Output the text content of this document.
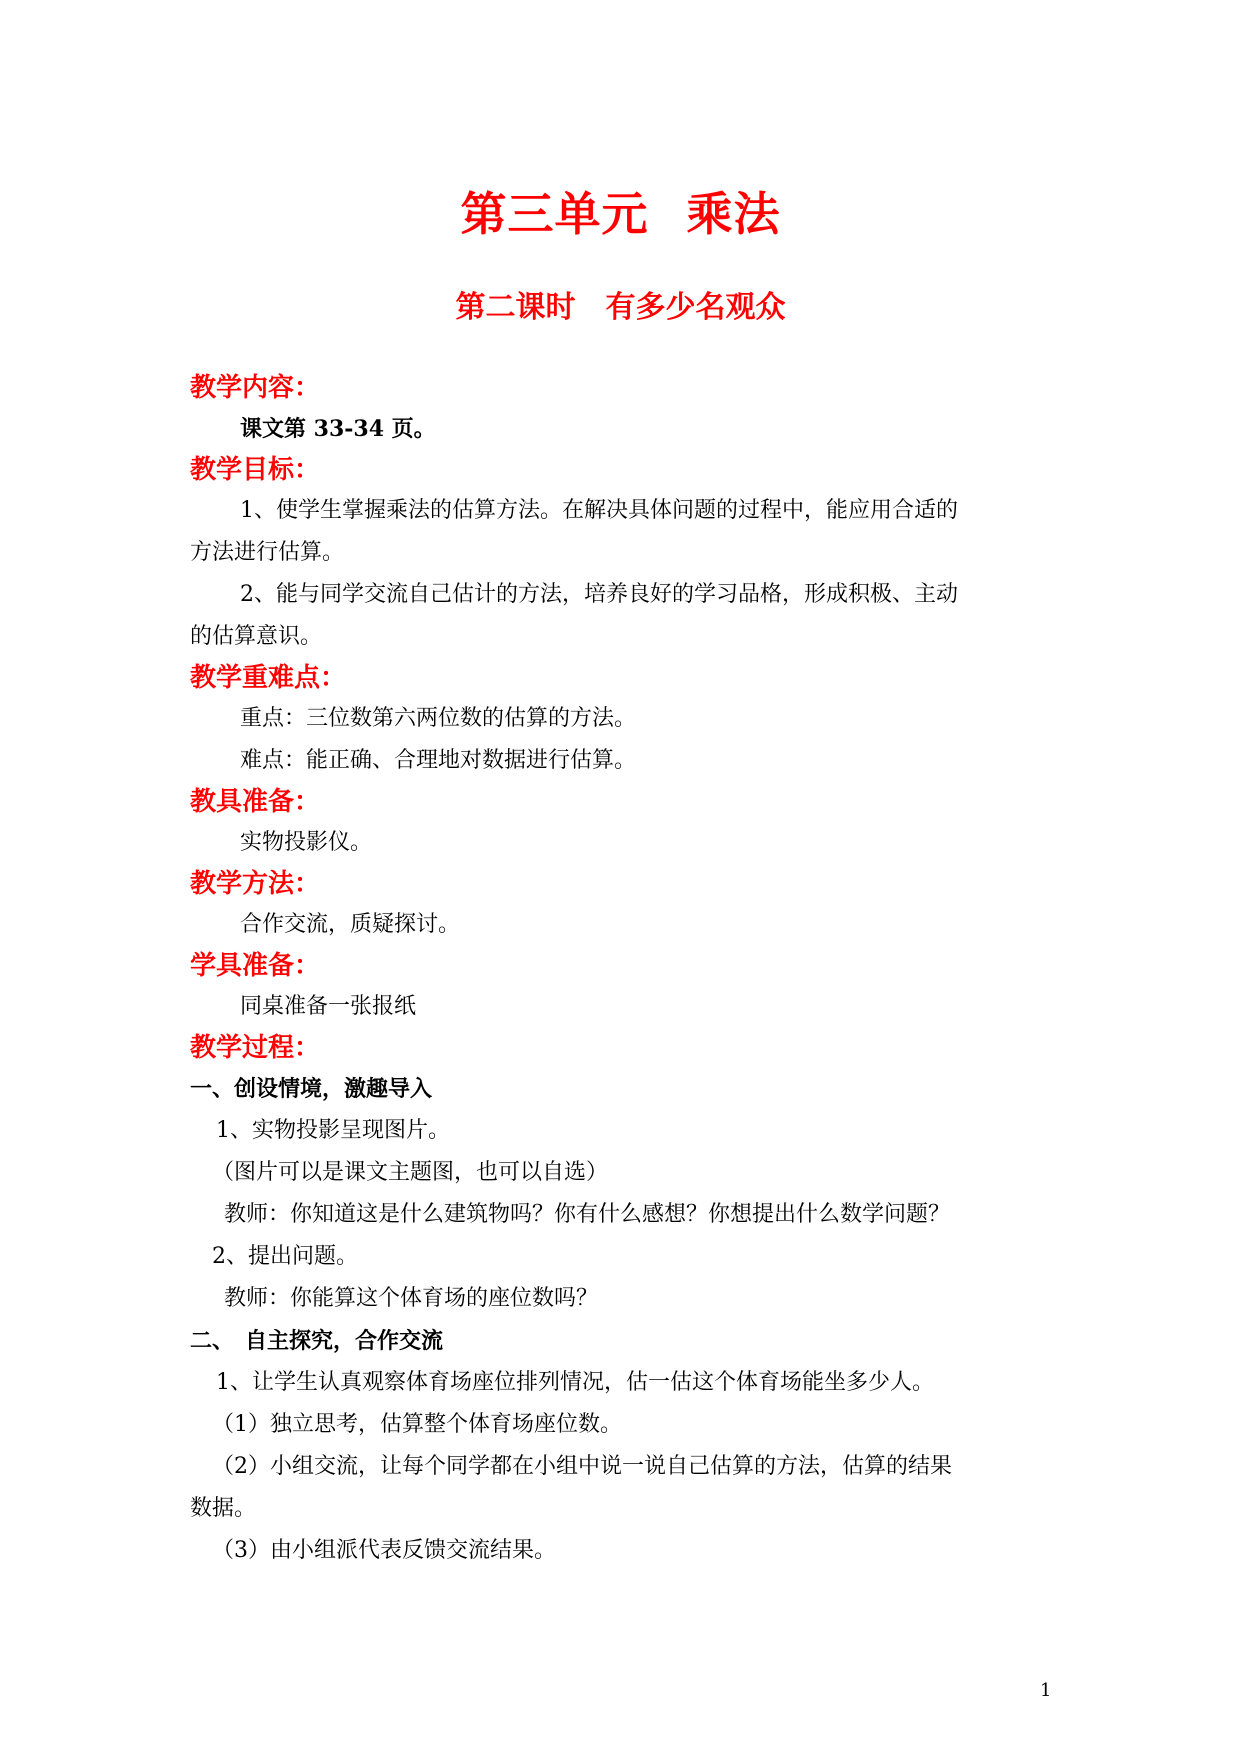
第三单元 乘法
第二课时 有多少名观众

教学内容：

课文第 33-34 页。

教学目标：

1、使学生掌握乘法的估算方法。在解决具体问题的过程中，能应用合适的

方法进行估算。

2、能与同学交流自己估计的方法，培养良好的学习品格，形成积极、主动

的估算意识。

教学重难点：

重点：三位数第六两位数的估算的方法。

难点：能正确、合理地对数据进行估算。

教具准备：

实物投影仪。

教学方法：

合作交流，质疑探讨。

学具准备：

同桌准备一张报纸

教学过程：

一、创设情境，激趣导入

1、实物投影呈现图片。

（图片可以是课文主题图，也可以自选）

教师：你知道这是什么建筑物吗？你有什么感想？你想提出什么数学问题？

2、提出问题。

教师：你能算这个体育场的座位数吗？

二、　自主探究，合作交流

1、让学生认真观察体育场座位排列情况，估一估这个体育场能坐多少人。

（1）独立思考，估算整个体育场座位数。

（2）小组交流，让每个同学都在小组中说一说自己估算的方法，估算的结果

数据。

（3）由小组派代表反馈交流结果。

1
